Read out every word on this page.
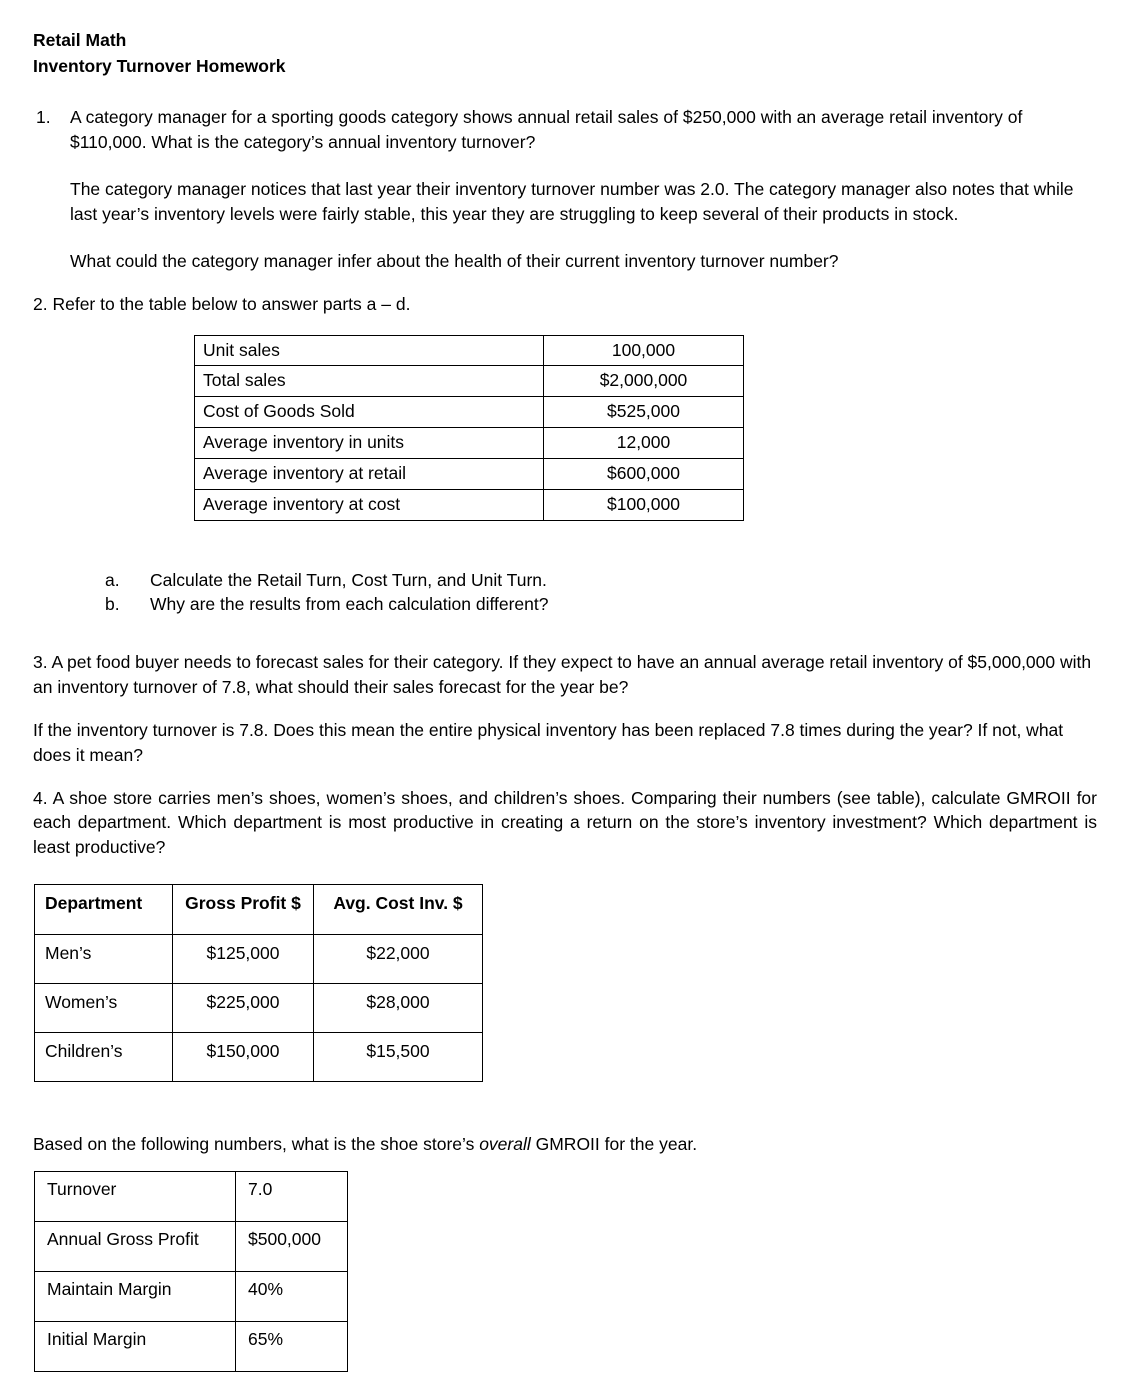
Retail Math
Inventory Turnover Homework
1.	A category manager for a sporting goods category shows annual retail sales of $250,000 with an average retail inventory of $110,000. What is the category’s annual inventory turnover?

The category manager notices that last year their inventory turnover number was 2.0. The category manager also notes that while last year’s inventory levels were fairly stable, this year they are struggling to keep several of their products in stock.

What could the category manager infer about the health of their current inventory turnover number?

2. Refer to the table below to answer parts a – d.

Unit sales	100,000
Total sales	$2,000,000
Cost of Goods Sold	$525,000
Average inventory in units	12,000
Average inventory at retail	$600,000
Average inventory at cost	$100,000
a.	Calculate the Retail Turn, Cost Turn, and Unit Turn.
b.	Why are the results from each calculation different?

3. A pet food buyer needs to forecast sales for their category. If they expect to have an annual average retail inventory of $5,000,000 with an inventory turnover of 7.8, what should their sales forecast for the year be?

If the inventory turnover is 7.8. Does this mean the entire physical inventory has been replaced 7.8 times during the year? If not, what does it mean?

4. A shoe store carries men’s shoes, women’s shoes, and children’s shoes. Comparing their numbers (see table), calculate GMROII for each department. Which department is most productive in creating a return on the store’s inventory investment? Which department is least productive?

Department	Gross Profit $	Avg. Cost Inv. $
Men’s	$125,000	$22,000
Women’s	$225,000	$28,000
Children’s	$150,000	$15,500

Based on the following numbers, what is the shoe store’s overall GMROII for the year.

Turnover	7.0
Annual Gross Profit	$500,000
Maintain Margin	40%
Initial Margin	65%
